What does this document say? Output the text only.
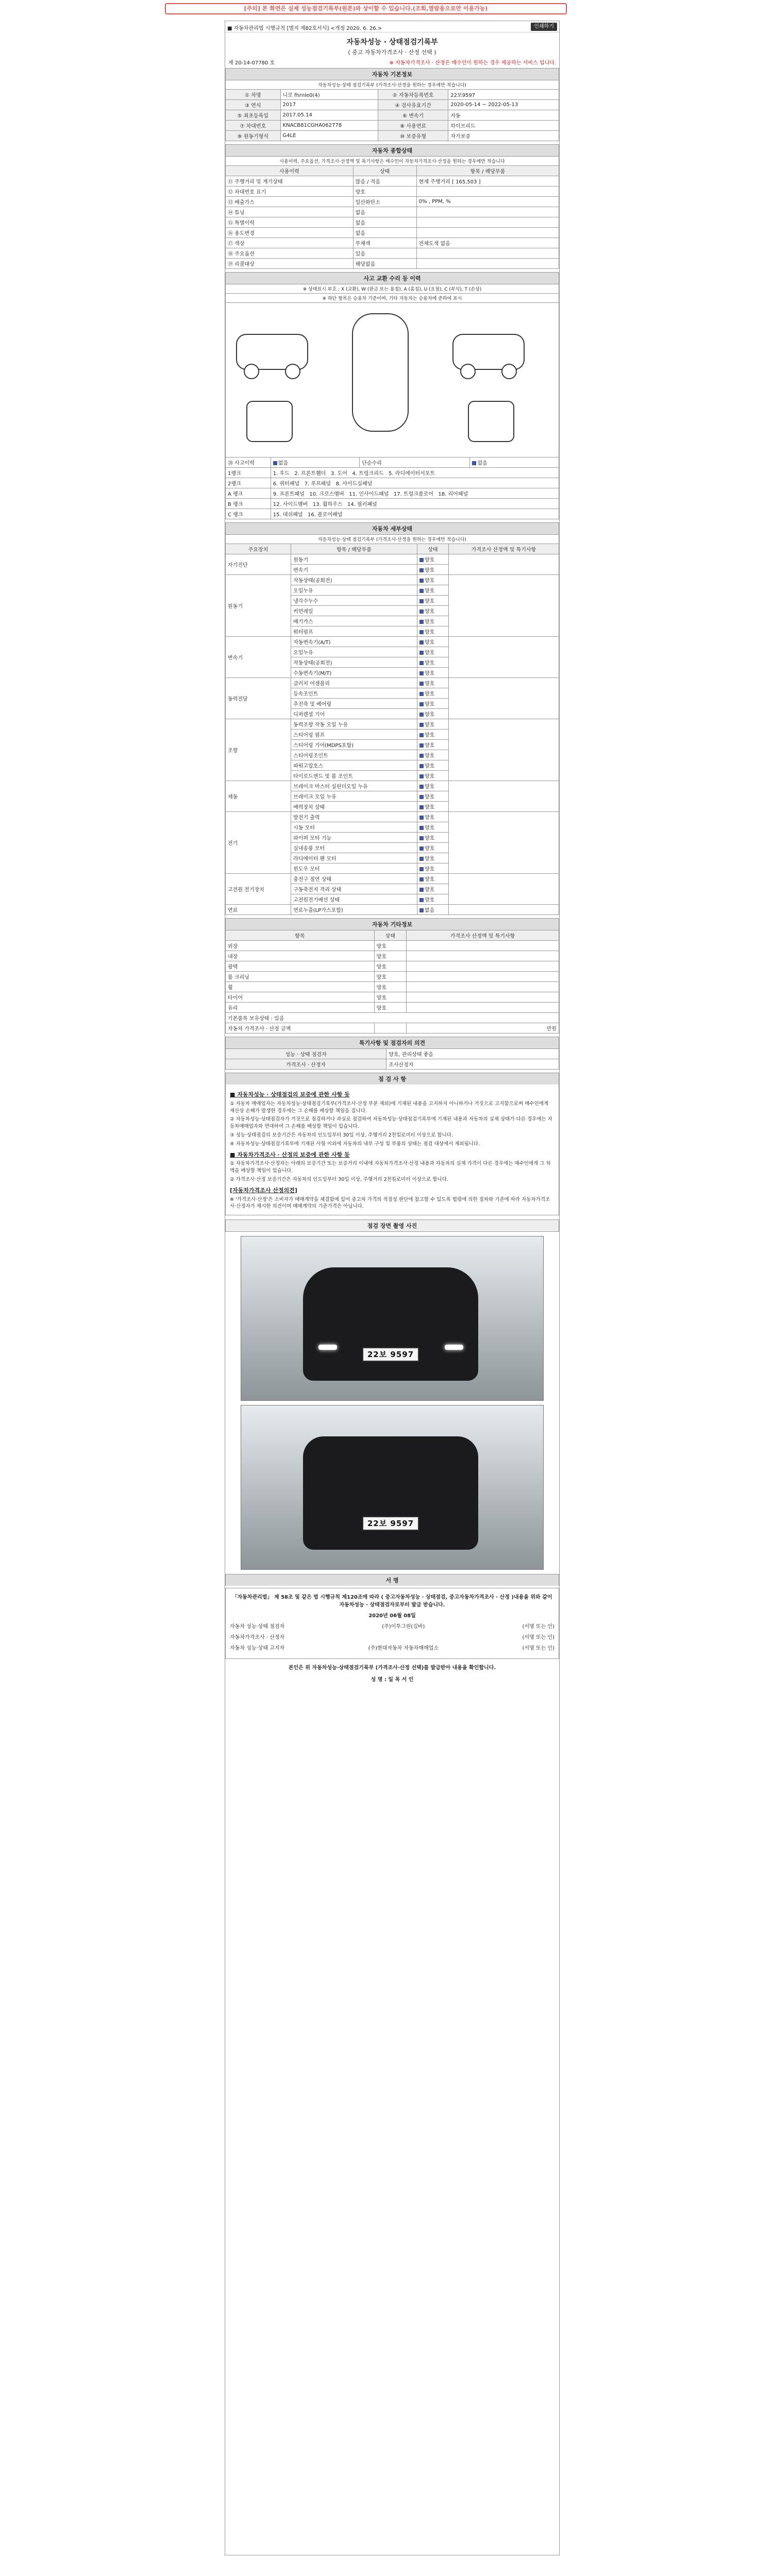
[주의] 본 화면은 실제 성능점검기록부(원본)와 상이할 수 있습니다.(조회,열람용으로만 이용가능)
■ 자동차관리법 시행규칙 [별지 제82호서식] <개정 2020. 6. 26.>	인쇄하기
자동차성능 · 상태점검기록부
( 중고 자동차가격조사 · 산정 선택 )
제 20-14-07780 호	※ 자동차가격조사 · 산정은 매수인이 원하는 경우 제공하는 서비스 입니다.
자동차 기본정보
자동차성능·상태 점검기록부 (가격조사·산정을 원하는 경우에만 적습니다)
① 차명	니로 fhrnle0(4)	② 자동차등록번호	22보9597
③ 연식	2017	④ 검사유효기간	2020-05-14 ~ 2022-05-13
⑤ 최초등록일	2017.05.14	⑥ 변속기	자동
⑦ 차대번호	KNACB81CGHA062778	⑧ 사용연료	하이브리드
⑨ 원동기형식	G4LE	⑩ 보증유형	자가보증
자동차 종합상태
사용이력, 주요옵션, 가격조사·산정액 및 특기사항은 매수인이 자동차가격조사·산정을 원하는 경우에만 적습니다
사용이력	상태	항목 / 해당부품
⑪ 주행거리 및 계기상태	많음 / 적음	현재 주행거리 [ 165,503 ]
⑫ 차대번호 표기	양호	
⑬ 배출가스	일산화탄소	0% , PPM, %
⑭ 튜닝	없음	
⑮ 특별이력	없음	
⑯ 용도변경	없음	
⑰ 색상	무채색	전체도색 없음
⑱ 주요옵션	있음	
⑲ 리콜대상	해당없음	
사고 교환 수리 등 이력
※ 상태표시 부호 : X (교환), W (판금 또는 용접), A (흠집), U (요철), C (부식), T (손상)
※ 하단 항목은 승용차 기준이며, 기타 자동차는 승용차에 준하여 표시
⑳ 사고이력	없음	단순수리	없음
1랭크	1. 후드   2. 프론트휀더   3. 도어   4. 트렁크리드   5. 라디에이터서포트		
2랭크	6. 쿼터패널   7. 루프패널   8. 사이드실패널		
A 랭크	9. 프론트패널   10. 크로스멤버   11. 인사이드패널   17. 트렁크플로어   18. 리어패널		
B 랭크	12. 사이드멤버   13. 휠하우스   14. 필러패널		
C 랭크	15. 대쉬패널   16. 플로어패널		
자동차 세부상태
자동차성능·상태 점검기록부 (가격조사·산정을 원하는 경우에만 적습니다)
주요장치	항목 / 해당부품	상태	가격조사 산정액 및 특기사항
자기진단	원동기	양호	
	변속기	양호	
원동기	작동상태(공회전)	양호	
	오일누유	양호	
	냉각수누수	양호	
	커먼레일	양호	
	배기가스	양호	
	워터펌프	양호	
변속기	자동변속기(A/T)	양호	
	오일누유	양호	
	작동상태(공회전)	양호	
	수동변속기(M/T)	양호	
동력전달	클러치 어셈블리	양호	
	등속조인트	양호	
	추진축 및 베어링	양호	
	디퍼렌셜 기어	양호	
조향	동력조향 작동 오일 누유	양호	
	스티어링 펌프	양호	
	스티어링 기어(MDPS포함)	양호	
	스티어링조인트	양호	
	파워고압호스	양호	
	타이로드엔드 및 볼 조인트	양호	
제동	브레이크 마스터 실린더오일 누유	양호	
	브레이크 오일 누유	양호	
	배력장치 상태	양호	
전기	발전기 출력	양호	
	시동 모터	양호	
	와이퍼 모터 기능	양호	
	실내송풍 모터	양호	
	라디에이터 팬 모터	양호	
	윈도우 모터	양호	
고전원 전기장치	충전구 절연 상태	양호	
	구동축전지 격리 상태	양호	
	고전원전기배선 상태	양호	
연료	연료누출(LP가스포함)	없음	
자동차 기타정보
항목	상태	가격조사 산정액 및 특기사항
외장	양호	
내장	양호	
광택	양호	
룸 크리닝	양호	
휠	양호	
타이어	양호	
유리	양호	
기본품목 보유상태 : 있음		
자동차 가격조사 · 산정 금액		만원
특기사항 및 점검자의 의견
성능 · 상태 점검자	양호, 관리상태 좋음
가격조사 · 산정자	조사산정자
점 검 사 항
■ 자동차성능 · 상태점검의 보증에 관한 사항 등

① 자동차 매매업자는 자동차성능·상태점검기록부(가격조사·산정 부분 제외)에 기재된 내용을 고지하지 아니하거나 거짓으로 고지함으로써 매수인에게 재산상 손해가 발생한 경우에는 그 손해를 배상할 책임을 집니다.

② 자동차성능·상태점검자가 거짓으로 점검하거나 과실로 점검하여 자동차성능·상태점검기록부에 기재된 내용과 자동차의 실제 상태가 다른 경우에는 자동차매매업자와 연대하여 그 손해를 배상할 책임이 있습니다.

③ 성능·상태점검의 보증기간은 자동차의 인도일부터 30일 이상, 주행거리 2천킬로미터 이상으로 합니다.

④ 자동차성능·상태점검기록부에 기재된 사항 이외에 자동차의 내부 구성 및 부품의 상태는 점검 대상에서 제외됩니다.

■ 자동차가격조사 · 산정의 보증에 관한 사항 등

① 자동차가격조사·산정자는 아래의 보증기간 또는 보증거리 이내에 자동차가격조사·산정 내용과 자동차의 실제 가격이 다른 경우에는 매수인에게 그 차액을 배상할 책임이 있습니다.

② 가격조사·산정 보증기간은 자동차의 인도일부터 30일 이상, 주행거리 2천킬로미터 이상으로 합니다.

[자동차가격조사 산정의견]

※ '가격조사·산정'은 소비자가 매매계약을 체결함에 있어 중고차 가격의 적절성 판단에 참고할 수 있도록 법령에 의한 절차와 기준에 따라 자동차가격조사·산정자가 제시한 의견이며 매매계약의 기준가격은 아닙니다.

점검 장면 촬영 사진
22보 9597
22보 9597
서 명
「자동차관리법」 제 58조 및 같은 법 시행규칙 제120조에 따라 ( 중고자동차성능 · 상태점검, 중고자동차가격조사 · 산정 )내용을 위와 같이 자동차성능 · 상태점검자로부터 발급 받습니다.
2020년 06월 08일
자동차 성능·상태 점검자	(주)이투그린(김바)	(서명 또는 인)
자동차가격조사 · 산정자	(서명 또는 인)
자동차 성능·상태 고지자	(주)현대자동차 자동차매매업소	(서명 또는 인)
본인은 위 자동차성능·상태점검기록부 (가격조사·산정 선택)를 발급받아 내용을 확인합니다.
성 명 : 일 목 서 인
